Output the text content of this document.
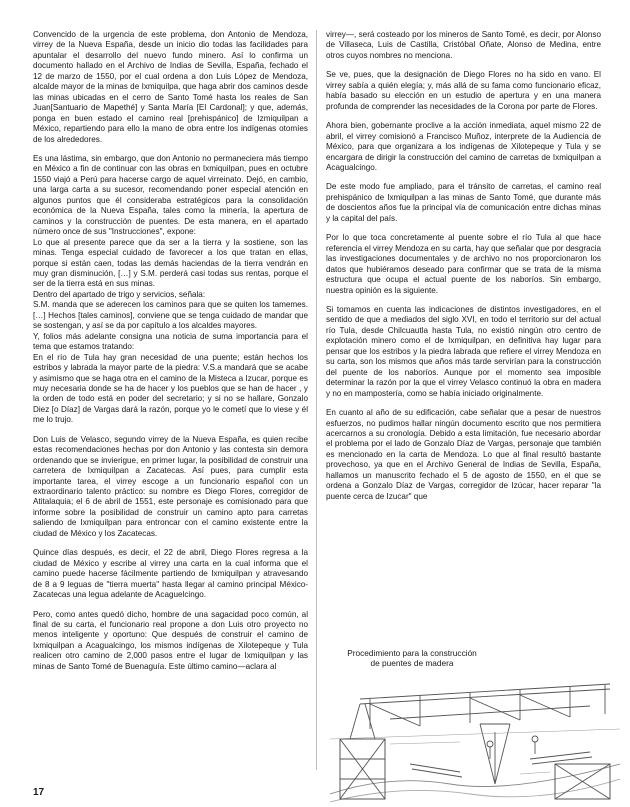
Convencido de la urgencia de este problema, don Antonio de Mendoza, virrey de la Nueva España, desde un inicio dio todas las facilidades para apuntalar el desarrollo del nuevo fundo minero. Así lo confirma un documento hallado en el Archivo de Indias de Sevilla, España, fechado el 12 de marzo de 1550, por el cual ordena a don Luis López de Mendoza, alcalde mayor de la minas de Ixmiquilpa, que haga abrir dos caminos desde las minas ubicadas en el cerro de Santo Tomé hasta los reales de San Juan[Santuario de Mapethé] y Santa María [El Cardonal]; y que, además, ponga en buen estado el camino real [prehispánico] de Izmiquilpan a México, repartiendo para ello la mano de obra entre los indígenas otomíes de los alrededores.

Es una lástima, sin embargo, que don Antonio no permaneciera más tiempo en México a fin de continuar con las obras en Ixmiquilpan, pues en octubre 1550 viajó a Perú para hacerse cargo de aquel virreinato. Dejó, en cambio, una larga carta a su sucesor, recomendando poner especial atención en algunos puntos que él consideraba estratégicos para la consolidación económica de la Nueva España, tales como la minería, la apertura de caminos y la construcción de puentes. De esta manera, en el apartado número once de sus "Instrucciones", expone:

Lo que al presente parece que da ser a la tierra y la sostiene, son las minas. Tenga especial cuidado de favorecer a los que tratan en ellas, porque si están caen, todas las demás haciendas de la tierra vendrán en muy gran disminución, […] y S.M. perderá casi todas sus rentas, porque el ser de la tierra está en sus minas.

Dentro del apartado de trigo y servicios, señala:

S.M. manda que se aderecen los caminos para que se quiten los tamemes. […] Hechos [tales caminos], conviene que se tenga cuidado de mandar que se sostengan, y así se da por capítulo a los alcaldes mayores.

Y, folios más adelante consigna una noticia de suma importancia para el tema que estamos tratando:

En el río de Tula hay gran necesidad de una puente; están hechos los estribos y labrada la mayor parte de la piedra: V.S.a mandará que se acabe y asimismo que se haga otra en el camino de la Misteca a Izucar, porque es muy necesaria donde se ha de hacer y los pueblos que se han de hacer , y la orden de todo está en poder del secretario; y si no se hallare, Gonzalo Diez [o Díaz] de Vargas dará la razón, porque yo le cometí que lo viese y él me lo trujo.

Don Luis de Velasco, segundo virrey de la Nueva España, es quien recibe estas recomendaciones hechas por don Antonio y las contesta sin demora ordenando que se invierigue, en primer lugar, la posibilidad de construir una carretera de Ixmiquilpan a Zacatecas. Así pues, para cumplir esta importante tarea, el virrey escoge a un funcionario español con un extraordinario talento práctico: su nombre es Diego Flores, corregidor de Atitalaquia; el 6 de abril de 1551, este personaje es comisionado para que informe sobre la posibilidad de construir un camino apto para carretas saliendo de Ixmiquilpan para entroncar con el camino existente entre la ciudad de México y los Zacatecas.

Quince días después, es decir, el 22 de abril, Diego Flores regresa a la ciudad de México y escribe al virrey una carta en la cual informa que el camino puede hacerse fácilmente partiendo de Ixmiquilpan y atravesando de 8 a 9 leguas de "tierra muerta" hasta llegar al camino principal México-Zacatecas una legua adelante de Acaguelcingo.

Pero, como antes quedó dicho, hombre de una sagacidad poco común, al final de su carta, el funcionario real propone a don Luis otro proyecto no menos inteligente y oportuno: Que después de construir el camino de Ixmiquilpan a Acagualcingo, los mismos indígenas de Xilotepeque y Tula realicen otro camino de 2,000 pasos entre el lugar de Ixmiquilpan y las minas de Santo Tomé de Buenaguía. Este último camino—aclara al

virrey—, será costeado por los mineros de Santo Tomé, es decir, por Alonso de Villaseca, Luis de Castilla, Cristóbal Oñate, Alonso de Medina, entre otros cuyos nombres no menciona.

Se ve, pues, que la designación de Diego Flores no ha sido en vano. El virrey sabía a quién elegía; y, más allá de su fama como funcionario eficaz, había basado su elección en un estudio de apertura y en una manera profunda de comprender las necesidades de la Corona por parte de Flores.

Ahora bien, gobernante proclive a la acción inmediata, aquel mismo 22 de abril, el virrey comisionó a Francisco Muñoz, interprete de la Audiencia de México, para que organizara a los indígenas de Xilotepeque y Tula y se encargara de dirigir la construcción del camino de carretas de Ixmiquilpan a Acagualcingo.

De este modo fue ampliado, para el tránsito de carretas, el camino real prehispánico de Ixmiquilpan a las minas de Santo Tomé, que durante más de doscientos años fue la principal vía de comunicación entre dichas minas y la capital del país.

Por lo que toca concretamente al puente sobre el río Tula al que hace referencia el virrey Mendoza en su carta, hay que señalar que por desgracia las investigaciones documentales y de archivo no nos proporcionaron los datos que hubiéramos deseado para confirmar que se trata de la misma estructura que ocupa el actual puente de los naboríos. Sin embargo, nuestra opinión es la siguiente.

Si tomamos en cuenta las indicaciones de distintos investigadores, en el sentido de que a mediados del siglo XVI, en todo el territorio sur del actual río Tula, desde Chilcuautla hasta Tula, no existió ningún otro centro de explotación minero como el de Ixmiquilpan, en definitiva hay lugar para pensar que los estribos y la piedra labrada que refiere el virrey Mendoza en su carta, son los mismos que años más tarde servirían para la construcción del puente de los naboríos. Aunque por el momento sea imposible determinar la razón por la que el virrey Velasco continuó la obra en madera y no en mampostería, como se había iniciado originalmente.

En cuanto al año de su edificación, cabe señalar que a pesar de nuestros esfuerzos, no pudimos hallar ningún documento escrito que nos permitiera acercarnos a su cronología. Debido a esta limitación, fue necesario abordar el problema por el lado de Gonzalo Díaz de Vargas, personaje que también es mencionado en la carta de Mendoza. Lo que al final resultó bastante provechoso, ya que en el Archivo General de Indias de Sevilla, España, hallamos un manuscrito fechado el 5 de agosto de 1550, en el que se ordena a Gonzalo Díaz de Vargas, corregidor de Izúcar, hacer reparar "la puente cerca de Izucar" que

Procedimiento para la construcción de puentes de madera
17
